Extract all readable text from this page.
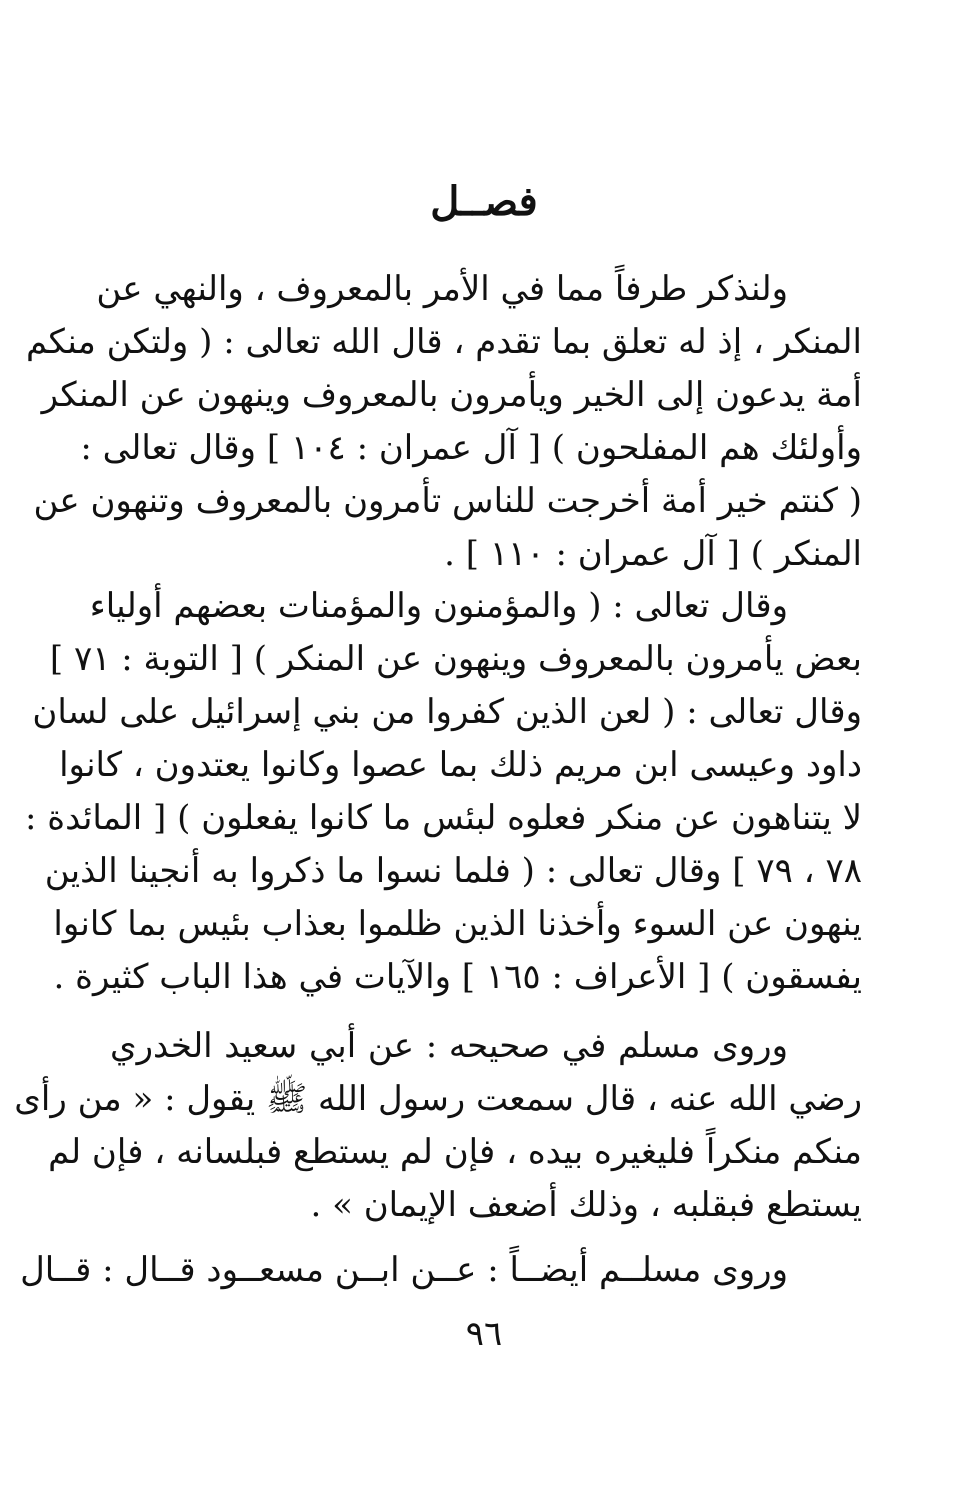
فصــل
ولنذكر طرفاً مما في الأمر بالمعروف ، والنهي عن
المنكر ، إذ له تعلق بما تقدم ، قال الله تعالى : ( ولتكن منكم
أمة يدعون إلى الخير ويأمرون بالمعروف وينهون عن المنكر
وأولئك هم المفلحون ) [ آل عمران : ١٠٤ ] وقال تعالى :
( كنتم خير أمة أخرجت للناس تأمرون بالمعروف وتنهون عن
المنكر ) [ آل عمران : ١١٠ ] .
وقال تعالى : ( والمؤمنون والمؤمنات بعضهم أولياء
بعض يأمرون بالمعروف وينهون عن المنكر ) [ التوبة : ٧١ ]
وقال تعالى : ( لعن الذين كفروا من بني إسرائيل على لسان
داود وعيسى ابن مريم ذلك بما عصوا وكانوا يعتدون ، كانوا
لا يتناهون عن منكر فعلوه لبئس ما كانوا يفعلون ) [ المائدة :
٧٨ ، ٧٩ ] وقال تعالى : ( فلما نسوا ما ذكروا به أنجينا الذين
ينهون عن السوء وأخذنا الذين ظلموا بعذاب بئيس بما كانوا
يفسقون ) [ الأعراف : ١٦٥ ] والآيات في هذا الباب كثيرة .
وروى مسلم في صحيحه : عن أبي سعيد الخدري
رضي الله عنه ، قال سمعت رسول الله ﷺ يقول : « من رأى
منكم منكراً فليغيره بيده ، فإن لم يستطع فبلسانه ، فإن لم
يستطع فبقلبه ، وذلك أضعف الإيمان » .
وروى مسلــم أيضــاً : عــن ابــن مسعــود قــال : قــال
٩٦
